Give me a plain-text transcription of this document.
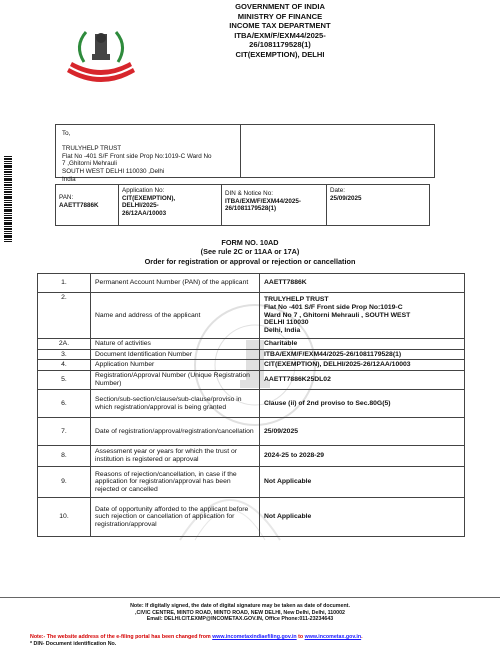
GOVERNMENT OF INDIA
MINISTRY OF FINANCE
INCOME TAX DEPARTMENT
ITBA/EXM/F/EXM44/2025-
26/1081179528(1)
CIT(EXEMPTION), DELHI
To,
TRULYHELP TRUST
Flat No -401 S/F Front side Prop No:1019-C Ward No
7 ,Ghitorni Mehrauli
SOUTH WEST DELHI 110030 ,Delhi
India
PAN:
AAETT7886K

Application No:
CIT(EXEMPTION),
DELHI/2025-
26/12AA/10003

DIN & Notice No:
ITBA/EXM/F/EXM44/2025-
26/1081179528(1)

Date:
25/09/2025
FORM NO. 10AD
(See rule 2C or 11AA or 17A)
Order for registration or approval or rejection or cancellation
1.	Permanent Account Number (PAN) of the applicant	AAETT7886K
2.	Name and address of the applicant	TRULYHELP TRUST
Flat No -401 S/F Front side Prop No:1019-C
Ward No 7 , Ghitorni Mehrauli , SOUTH WEST
DELHI 110030
Delhi, India

2A.	Nature of activities	Charitable
3.	Document Identification Number	ITBA/EXM/F/EXM44/2025-26/1081179528(1)
4.	Application Number	CIT(EXEMPTION), DELHI/2025-26/12AA/10003
5.	Registration/Approval Number (Unique Registration Number)	AAETT7886K25DL02
6.	Section/sub-section/clause/sub-clause/proviso in which registration/approval is being granted	Clause (ii) of 2nd proviso to Sec.80G(5)
7.	Date of registration/approval/registration/cancellation	25/09/2025
8.	Assessment year or years for which the trust or institution is registered or approval	2024-25 to 2028-29
9.	Reasons of rejection/cancellation, in case if the application for registration/approval has been rejected or cancelled	Not Applicable
10.	Date of opportunity afforded to the applicant before such rejection or cancellation of application for registration/approval	Not Applicable
Note: If digitally signed, the date of digital signature may be taken as date of document.
,CIVIC CENTRE, MINTO ROAD, MINTO ROAD, NEW DELHI, New Delhi, Delhi, 110002
Email: DELHI.CIT.EXMP@INCOMETAX.GOV.IN, Office Phone:011-23234643
Note:- The website address of the e-filing portal has been changed from www.incometaxindiaefiling.gov.in to www.incometax.gov.in.
* DIN- Document identification No.
